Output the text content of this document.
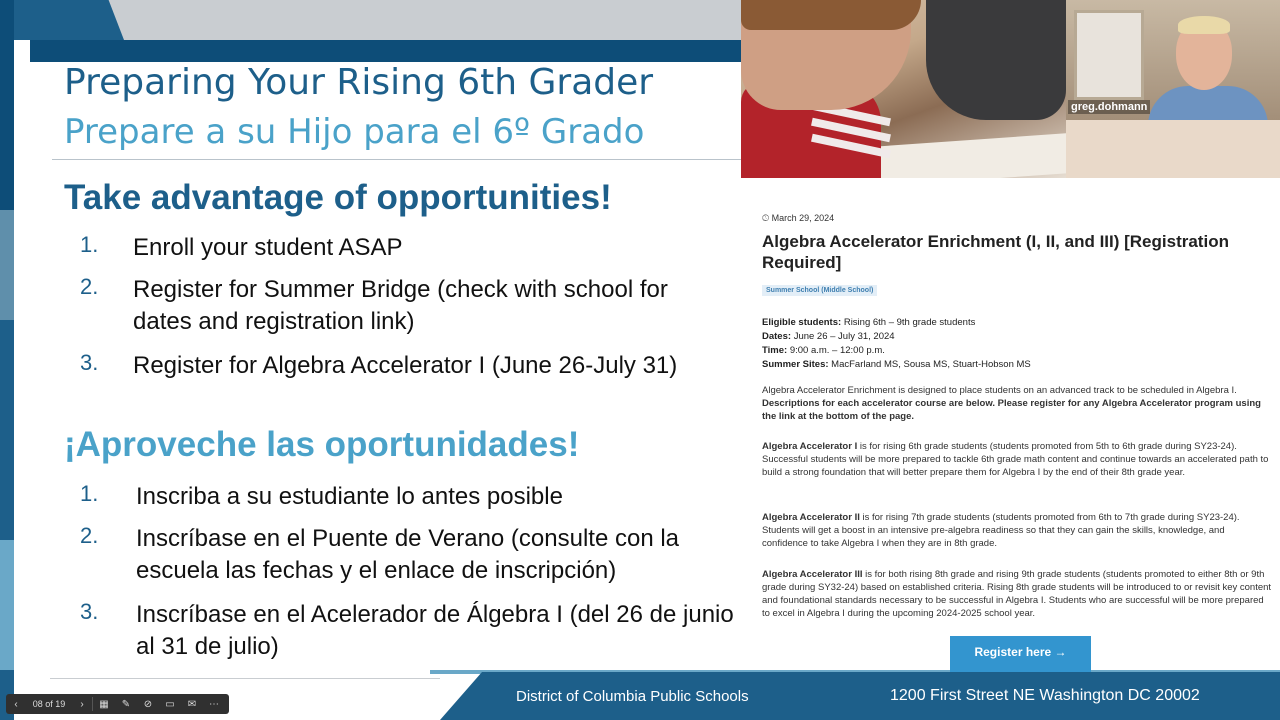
Preparing Your Rising 6th Grader
Prepare a su Hijo para el 6º Grado
Take advantage of opportunities!
1. Enroll your student ASAP
2. Register for Summer Bridge (check with school for dates and registration link)
3. Register for Algebra Accelerator I (June 26-July 31)
¡Aproveche las oportunidades!
1. Inscriba a su estudiante lo antes posible
2. Inscríbase en el Puente de Verano (consulte con la escuela las fechas y el enlace de inscripción)
3. Inscríbase en el Acelerador de Álgebra I (del 26 de junio al 31 de julio)
District of Columbia Public Schools	1200 First Street NE Washington DC 20002
greg.dohmann
🕓︎ March 29, 2024
Algebra Accelerator Enrichment (I, II, and III) [Registration Required]
Summer School (Middle School)
Eligible students: Rising 6th – 9th grade students
Dates: June 26 – July 31, 2024
Time: 9:00 a.m. – 12:00 p.m.
Summer Sites: MacFarland MS, Sousa MS, Stuart-Hobson MS
Algebra Accelerator Enrichment is designed to place students on an advanced track to be scheduled in Algebra I. Descriptions for each accelerator course are below. Please register for any Algebra Accelerator program using the link at the bottom of the page.
Algebra Accelerator I is for rising 6th grade students (students promoted from 5th to 6th grade during SY23-24). Successful students will be more prepared to tackle 6th grade math content and continue towards an accelerated path to build a strong foundation that will better prepare them for Algebra I by the end of their 8th grade year.
Algebra Accelerator II is for rising 7th grade students (students promoted from 6th to 7th grade during SY23-24). Students will get a boost in an intensive pre-algebra readiness so that they can gain the skills, knowledge, and confidence to take Algebra I when they are in 8th grade.
Algebra Accelerator III is for both rising 8th grade and rising 9th grade students (students promoted to either 8th or 9th grade during SY32-24) based on established criteria. Rising 8th grade students will be introduced to or revisit key content and foundational standards necessary to be successful in Algebra I. Students who are successful will be more prepared to excel in Algebra I during the upcoming 2024-2025 school year.
Register here →
‹	08 of 19	›	▦	✎	⊘	▭	✉	⋯
